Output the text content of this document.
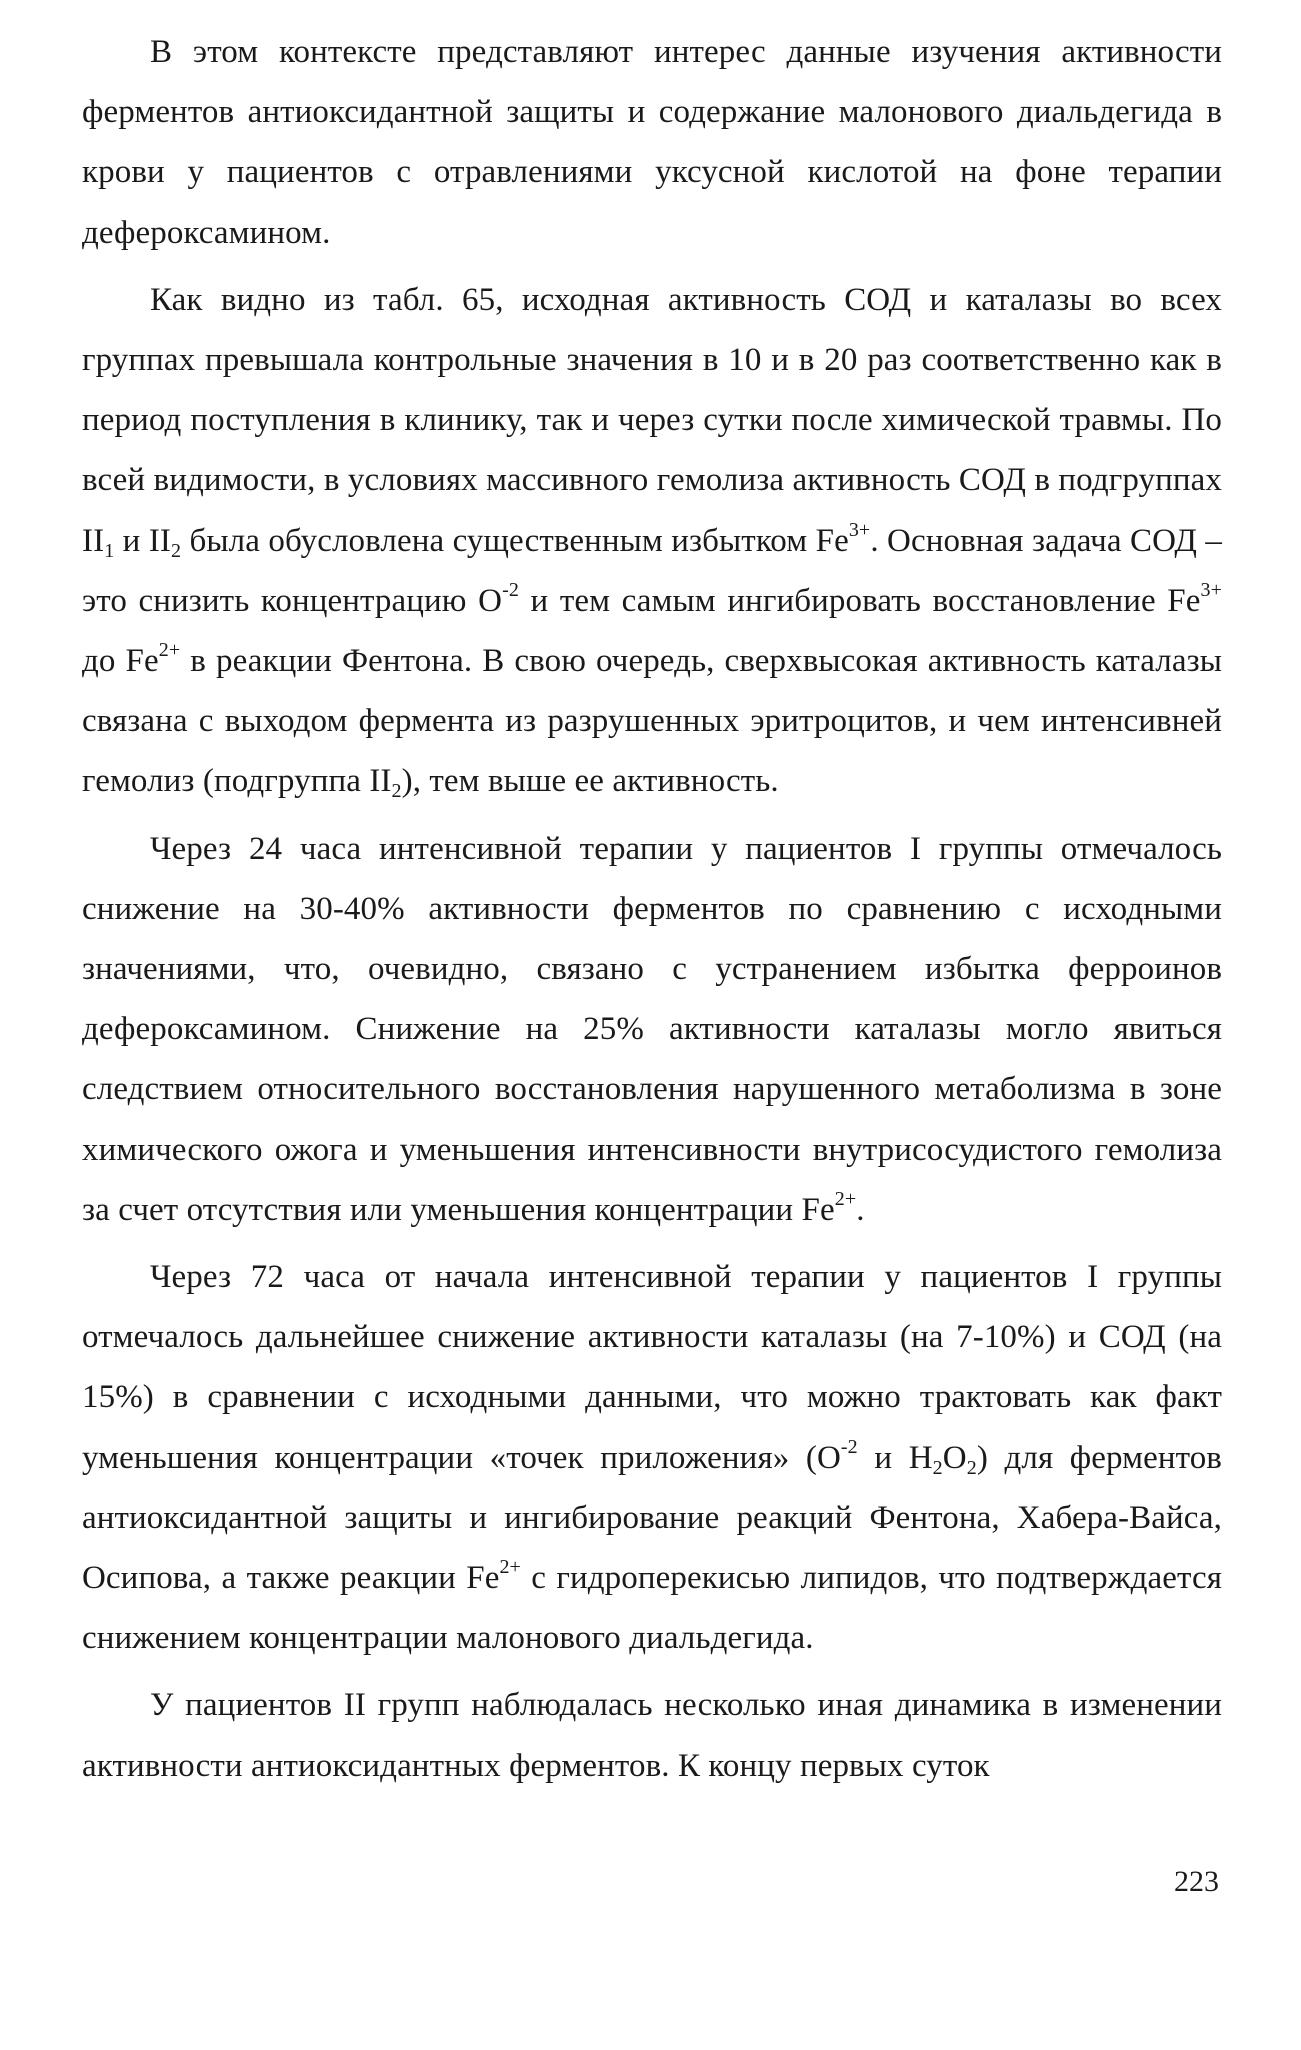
В этом контексте представляют интерес данные изучения активности ферментов антиоксидантной защиты и содержание малонового диальдегида в крови у пациентов с отравлениями уксусной кислотой на фоне терапии дефероксамином.

Как видно из табл. 65, исходная активность СОД и каталазы во всех группах превышала контрольные значения в 10 и в 20 раз соответственно как в период поступления в клинику, так и через сутки после химической травмы. По всей видимости, в условиях массивного гемолиза активность СОД в подгруппах $II_1$ и $II_2$ была обусловлена существенным избытком $Fe^{3+}$. Основная задача СОД – это снизить концентрацию $O^{-2}$ и тем самым ингибировать восстановление $Fe^{3+}$ до $Fe^{2+}$ в реакции Фентона. В свою очередь, сверхвысокая активность каталазы связана с выходом фермента из разрушенных эритроцитов, и чем интенсивней гемолиз (подгруппа $II_2$), тем выше ее активность.

Через 24 часа интенсивной терапии у пациентов I группы отмечалось снижение на 30-40% активности ферментов по сравнению с исходными значениями, что, очевидно, связано с устранением избытка ферроинов дефероксамином. Снижение на 25% активности каталазы могло явиться следствием относительного восстановления нарушенного метаболизма в зоне химического ожога и уменьшения интенсивности внутрисосудистого гемолиза за счет отсутствия или уменьшения концентрации $Fe^{2+}$.

Через 72 часа от начала интенсивной терапии у пациентов I группы отмечалось дальнейшее снижение активности каталазы (на 7-10%) и СОД (на 15%) в сравнении с исходными данными, что можно трактовать как факт уменьшения концентрации «точек приложения» ($O^{-2}$ и $H_2O_2$) для ферментов антиоксидантной защиты и ингибирование реакций Фентона, Хабера-Вайса, Осипова, а также реакции $Fe^{2+}$ с гидроперекисью липидов, что подтверждается снижением концентрации малонового диальдегида.

У пациентов II групп наблюдалась несколько иная динамика в изменении активности антиоксидантных ферментов. К концу первых суток

223
